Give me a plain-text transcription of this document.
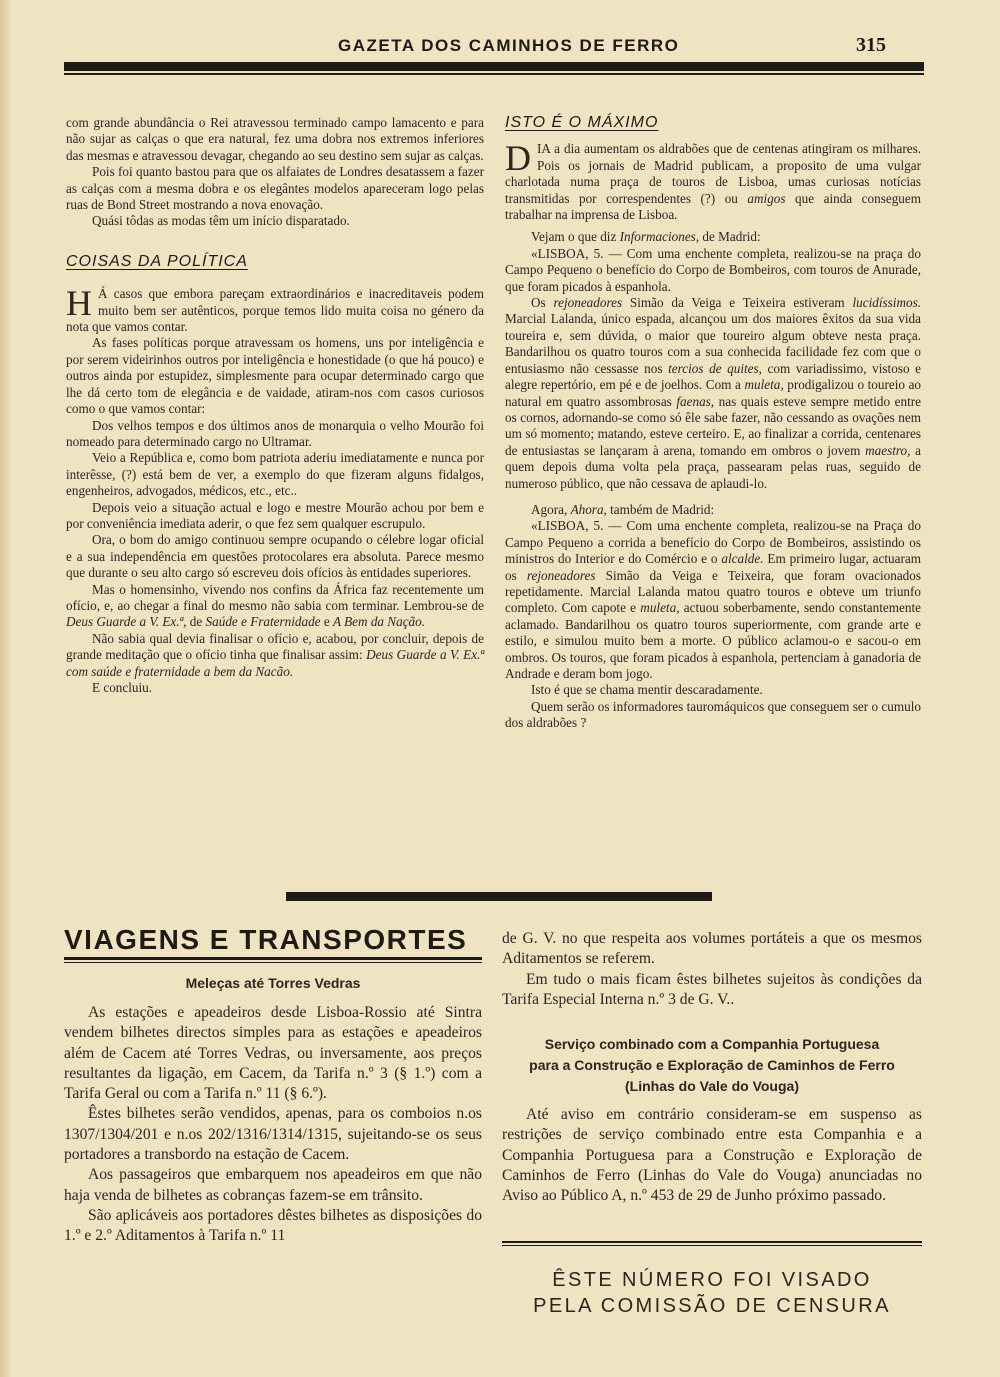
GAZETA DOS CAMINHOS DE FERRO	315

com grande abundância o Rei atravessou terminado campo lamacento e para não sujar as calças o que era natural, fez uma dobra nos extremos inferiores das mesmas e atravessou devagar, chegando ao seu destino sem sujar as calças.

Pois foi quanto bastou para que os alfaiates de Londres desatassem a fazer as calças com a mesma dobra e os elegântes modelos apareceram logo pelas ruas de Bond Street mostrando a nova enovação.

Quási tôdas as modas têm um início disparatado.

COISAS DA POLÍTICA

H Á casos que embora pareçam extraordinários e inacreditaveis podem muito bem ser autênticos, porque temos lido muita coisa no género da nota que vamos contar.

As fases políticas porque atravessam os homens, uns por inteligência e por serem videirinhos outros por inteligência e honestidade (o que há pouco) e outros ainda por estupidez, simplesmente para ocupar determinado cargo que lhe dá certo tom de elegância e de vaidade, atiram-nos com casos curiosos como o que vamos contar:

Dos velhos tempos e dos últimos anos de monarquia o velho Mourão foi nomeado para determinado cargo no Ultramar.

Veio a República e, como bom patriota aderiu imediatamente e nunca por interêsse, (?) está bem de ver, a exemplo do que fizeram alguns fidalgos, engenheiros, advogados, médicos, etc., etc..

Depois veio a situação actual e logo e mestre Mourão achou por bem e por conveniência imediata aderir, o que fez sem qualquer escrupulo.

Ora, o bom do amigo continuou sempre ocupando o célebre logar oficial e a sua independência em questões protocolares era absoluta. Parece mesmo que durante o seu alto cargo só escreveu dois ofícios às entidades superiores.

Mas o homensinho, vivendo nos confins da África faz recentemente um ofício, e, ao chegar a final do mesmo não sabia com terminar. Lembrou-se de Deus Guarde a V. Ex.ª, de Saúde e Fraternidade e A Bem da Nação.

Não sabia qual devia finalisar o ofício e, acabou, por concluir, depois de grande meditação que o ofício tinha que finalisar assim: Deus Guarde a V. Ex.ª com saúde e fraternidade a bem da Nacão.

E concluiu.

ISTO É O MÁXIMO

DIA a dia aumentam os aldrabões que de centenas atingiram os milhares. Pois os jornais de Madrid publicam, a proposito de uma vulgar charlotada numa praça de touros de Lisboa, umas curiosas notícias transmitidas por correspendentes (?) ou amigos que ainda conseguem trabalhar na imprensa de Lisboa.

Vejam o que diz Informaciones, de Madrid:

«LISBOA, 5. — Com uma enchente completa, realizou-se na praça do Campo Pequeno o benefício do Corpo de Bombeiros, com touros de Anurade, que foram picados à espanhola.

Os rejoneadores Simão da Veiga e Teixeira estiveram lucidíssimos. Marcial Lalanda, único espada, alcançou um dos maiores êxitos da sua vida toureira e, sem dúvida, o maior que toureiro algum obteve nesta praça. Bandarilhou os quatro touros com a sua conhecida facilidade fez com que o entusiasmo não cessasse nos tercios de quites, com variadissimo, vistoso e alegre repertório, em pé e de joelhos. Com a muleta, prodigalizou o toureio ao natural em quatro assombrosas faenas, nas quais esteve sempre metido entre os cornos, adornando-se como só êle sabe fazer, não cessando as ovações nem um só momento; matando, esteve certeiro. E, ao finalizar a corrida, centenares de entusiastas se lançaram à arena, tomando em ombros o jovem maestro, a quem depois duma volta pela praça, passearam pelas ruas, seguido de numeroso público, que não cessava de aplaudi-lo.

Agora, Ahora, também de Madrid:

«LISBOA, 5. — Com uma enchente completa, realizou-se na Praça do Campo Pequeno a corrida a benefício do Corpo de Bombeiros, assistindo os ministros do Interior e do Comércio e o alcalde. Em primeiro lugar, actuaram os rejoneadores Simão da Veiga e Teixeira, que foram ovacionados repetidamente. Marcial Lalanda matou quatro touros e obteve um triunfo completo. Com capote e muleta, actuou soberbamente, sendo constantemente aclamado. Bandarilhou os quatro touros superiormente, com grande arte e estilo, e simulou muito bem a morte. O público aclamou-o e sacou-o em ombros. Os touros, que foram picados à espanhola, pertenciam à ganadoria de Andrade e deram bom jogo.

Isto é que se chama mentir descaradamente.

Quem serão os informadores tauromáquicos que conseguem ser o cumulo dos aldrabões ?

VIAGENS E TRANSPORTES
Meleças até Torres Vedras

As estações e apeadeiros desde Lisboa-Rossio até Sintra vendem bilhetes directos simples para as estações e apeadeiros além de Cacem até Torres Vedras, ou inversamente, aos preços resultantes da ligação, em Cacem, da Tarifa n.º 3 (§ 1.º) com a Tarifa Geral ou com a Tarifa n.º 11 (§ 6.º).

Êstes bilhetes serão vendidos, apenas, para os comboios n.os 1307/1304/201 e n.os 202/1316/1314/1315, sujeitando-se os seus portadores a transbordo na estação de Cacem.

Aos passageiros que embarquem nos apeadeiros em que não haja venda de bilhetes as cobranças fazem-se em trânsito.

São aplicáveis aos portadores dêstes bilhetes as disposições do 1.º e 2.º Aditamentos à Tarifa n.º 11

de G. V. no que respeita aos volumes portáteis a que os mesmos Aditamentos se referem.

Em tudo o mais ficam êstes bilhetes sujeitos às condições da Tarifa Especial Interna n.º 3 de G. V..

Serviço combinado com a Companhia Portuguesa
para a Construção e Exploração de Caminhos de Ferro
(Linhas do Vale do Vouga)

Até aviso em contrário consideram-se em suspenso as restrições de serviço combinado entre esta Companhia e a Companhia Portuguesa para a Construção e Exploração de Caminhos de Ferro (Linhas do Vale do Vouga) anunciadas no Aviso ao Público A, n.º 453 de 29 de Junho próximo passado.

ÊSTE NÚMERO FOI VISADO
PELA COMISSÃO DE CENSURA
